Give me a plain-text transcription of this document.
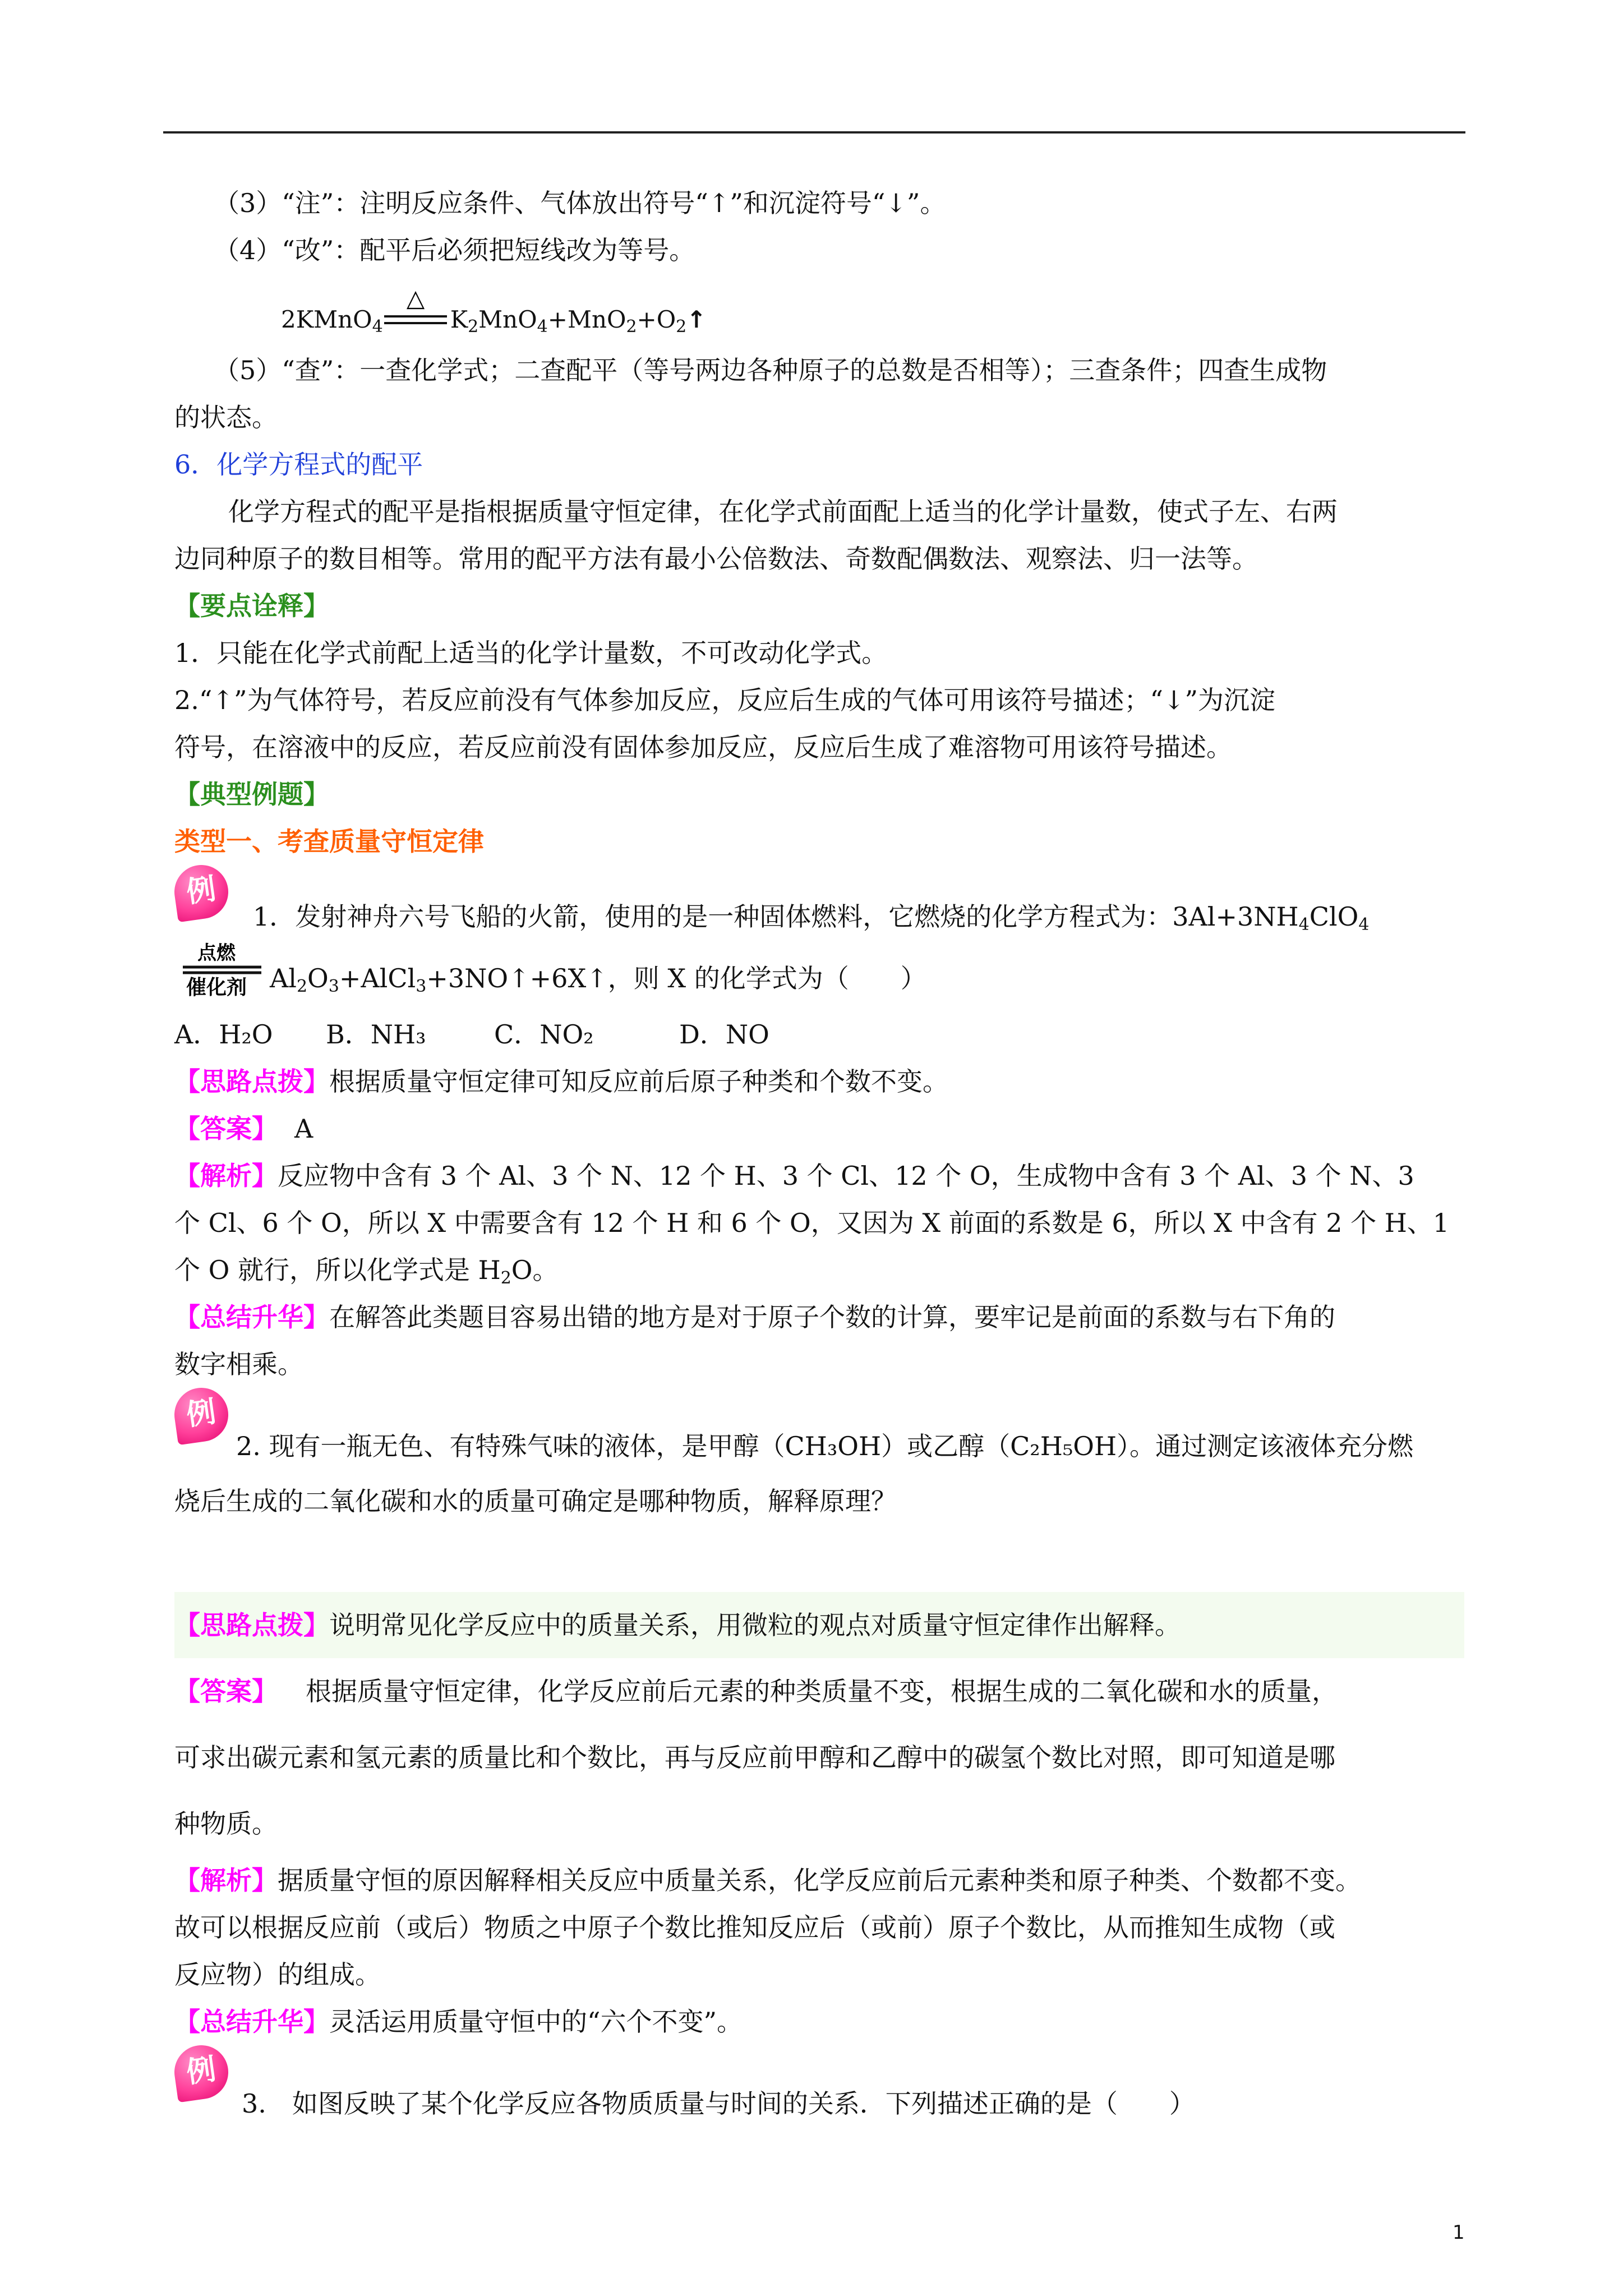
（3）“注”：注明反应条件、气体放出符号“↑”和沉淀符号“↓”。

（4）“改”：配平后必须把短线改为等号。

2KMnO$_4$	$K_2MnO_4+MnO_2+O_2↑$
△

（5）“查”：一查化学式；二查配平（等号两边各种原子的总数是否相等）；三查条件；四查生成物

的状态。

6．化学方程式的配平

化学方程式的配平是指根据质量守恒定律，在化学式前面配上适当的化学计量数，使式子左、右两

边同种原子的数目相等。常用的配平方法有最小公倍数法、奇数配偶数法、观察法、归一法等。

【要点诠释】

1．只能在化学式前配上适当的化学计量数，不可改动化学式。

2.“↑”为气体符号，若反应前没有气体参加反应，反应后生成的气体可用该符号描述；“↓”为沉淀

符号，在溶液中的反应，若反应前没有固体参加反应，反应后生成了难溶物可用该符号描述。

【典型例题】

类型一、考查质量守恒定律

例
1．发射神舟六号飞船的火箭，使用的是一种固体燃料，它燃烧的化学方程式为：$3Al+3NH_4ClO_4$
点燃
催化剂 $Al_2O_3+AlCl_3+3NO↑+6X↑$，则 X 的化学式为（　　）

A．H₂O B．NH₃	C．NO₂	D．NO

【思路点拨】根据质量守恒定律可知反应前后原子种类和个数不变。

【答案】 A

【解析】反应物中含有 3 个 Al、3 个 N、12 个 H、3 个 Cl、12 个 O，生成物中含有 3 个 Al、3 个 N、3

个 Cl、6 个 O，所以 X 中需要含有 12 个 H 和 6 个 O，又因为 X 前面的系数是 6，所以 X 中含有 2 个 H、1

个 O 就行，所以化学式是 $H_2O$。

【总结升华】在解答此类题目容易出错的地方是对于原子个数的计算，要牢记是前面的系数与右下角的

数字相乘。

例
2. 现有一瓶无色、有特殊气味的液体，是甲醇（CH₃OH）或乙醇（C₂H₅OH）。通过测定该液体充分燃

烧后生成的二氧化碳和水的质量可确定是哪种物质，解释原理？

【思路点拨】说明常见化学反应中的质量关系，用微粒的观点对质量守恒定律作出解释。

【答案】 根据质量守恒定律，化学反应前后元素的种类质量不变，根据生成的二氧化碳和水的质量，

可求出碳元素和氢元素的质量比和个数比，再与反应前甲醇和乙醇中的碳氢个数比对照，即可知道是哪

种物质。

【解析】据质量守恒的原因解释相关反应中质量关系，化学反应前后元素种类和原子种类、个数都不变。

故可以根据反应前（或后）物质之中原子个数比推知反应后（或前）原子个数比，从而推知生成物（或

反应物）的组成。

【总结升华】灵活运用质量守恒中的“六个不变”。

例
3.　如图反映了某个化学反应各物质质量与时间的关系．下列描述正确的是（　　）
1
